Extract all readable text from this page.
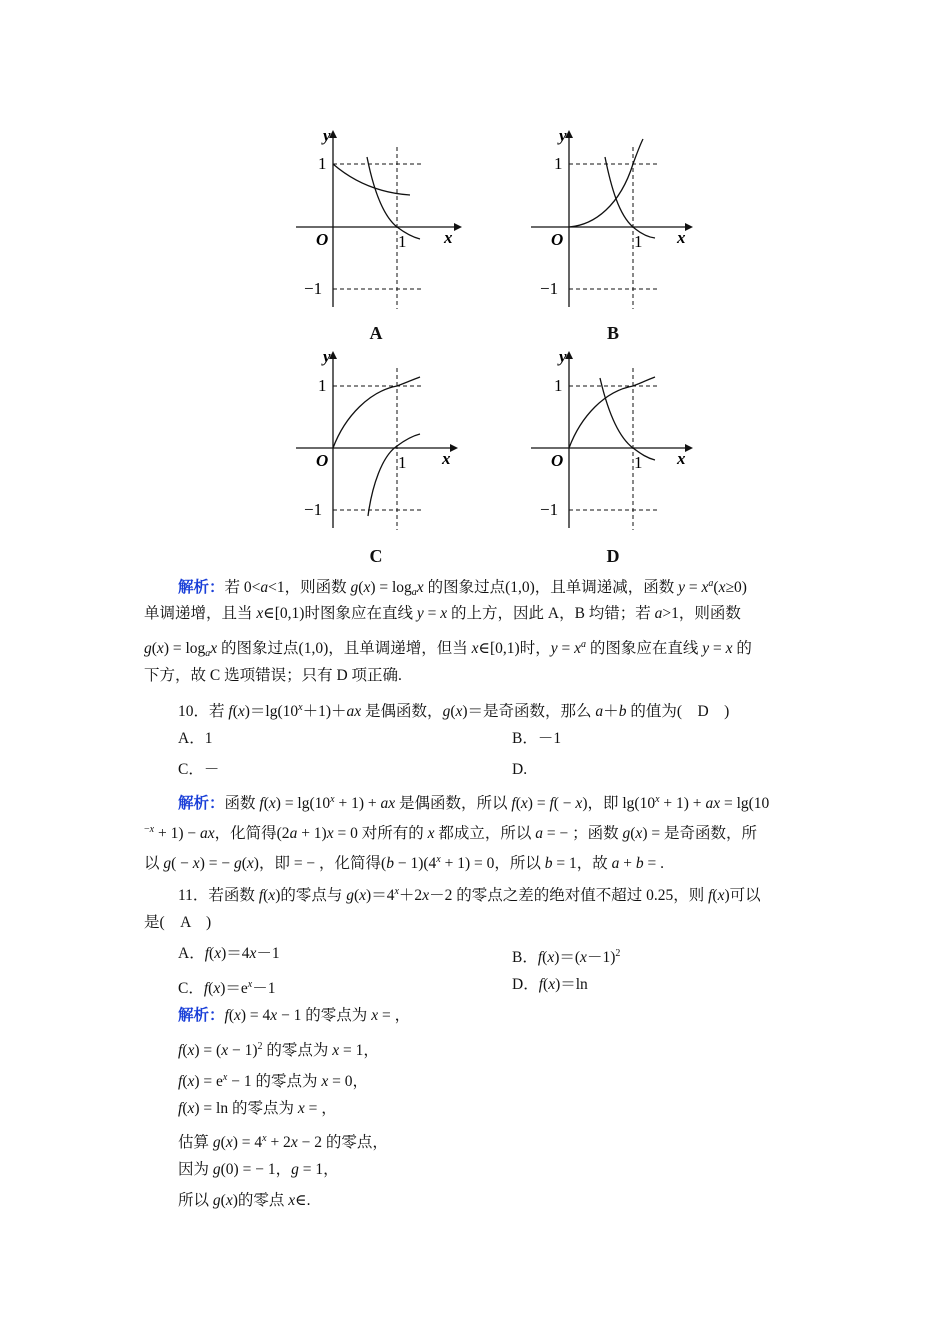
x
y
O	1
1
−1
A
x
y
O	1
1
−1
B
x
y
O	1
1
−1
C
x
y
O	1
1
−1
D
解析：若 0<a<1，则函数 $g(x) = \log_ax$ 的图象过点(1,0)，且单调递减，函数 $y = x^a(x\ge 0)$
单调递增，且当 x∈[0,1)时图象应在直线 y = x 的上方，因此 A，B 均错；若 a>1，则函数
$g(x) = \log_ax$ 的图象过点(1,0)，且单调递增，但当 x∈[0,1)时，$y = x^a$ 的图象应在直线 y = x 的
下方，故 C 选项错误；只有 D 项正确.
10．若 $f(x)=\lg(10^x+1)+ax$ 是偶函数，g(x)＝是奇函数，那么 a＋b 的值为(　D　)
A．1	B．－1
C．－	D.
解析：函数 $f(x) = \lg(10^x + 1)$ + ax 是偶函数，所以 f(x) = f( − x)，即 $\lg(10^x + 1)$ + ax = lg(10
$^{-x}$ + 1) − ax，化简得(2a + 1)x = 0 对所有的 x 都成立，所以 a = − ；函数 g(x) = 是奇函数，所
以 g( − x) = − g(x)，即 = − ，化简得$(b - 1)(4^x + 1) = 0$，所以 b = 1，故 a + b = .
11．若函数 f(x)的零点与 $g(x)=4^x+2x-2$ 的零点之差的绝对值不超过 0.25，则 f(x)可以
是(　A　)
A．f(x)＝4x－1	B．$f(x)=(x-1)^2$
C．$f(x)=e^x-1$	D．f(x)＝ln
解析：f(x) = 4x − 1 的零点为 x = ，
$f(x) = (x - 1)^2$ 的零点为 x = 1，
$f(x) = e^x - 1$ 的零点为 x = 0，
f(x) = ln 的零点为 x = ，
估算 $g(x) = 4^x + 2x - 2$ 的零点，
因为 g(0) = − 1，g = 1，
所以 g(x)的零点 x∈.
